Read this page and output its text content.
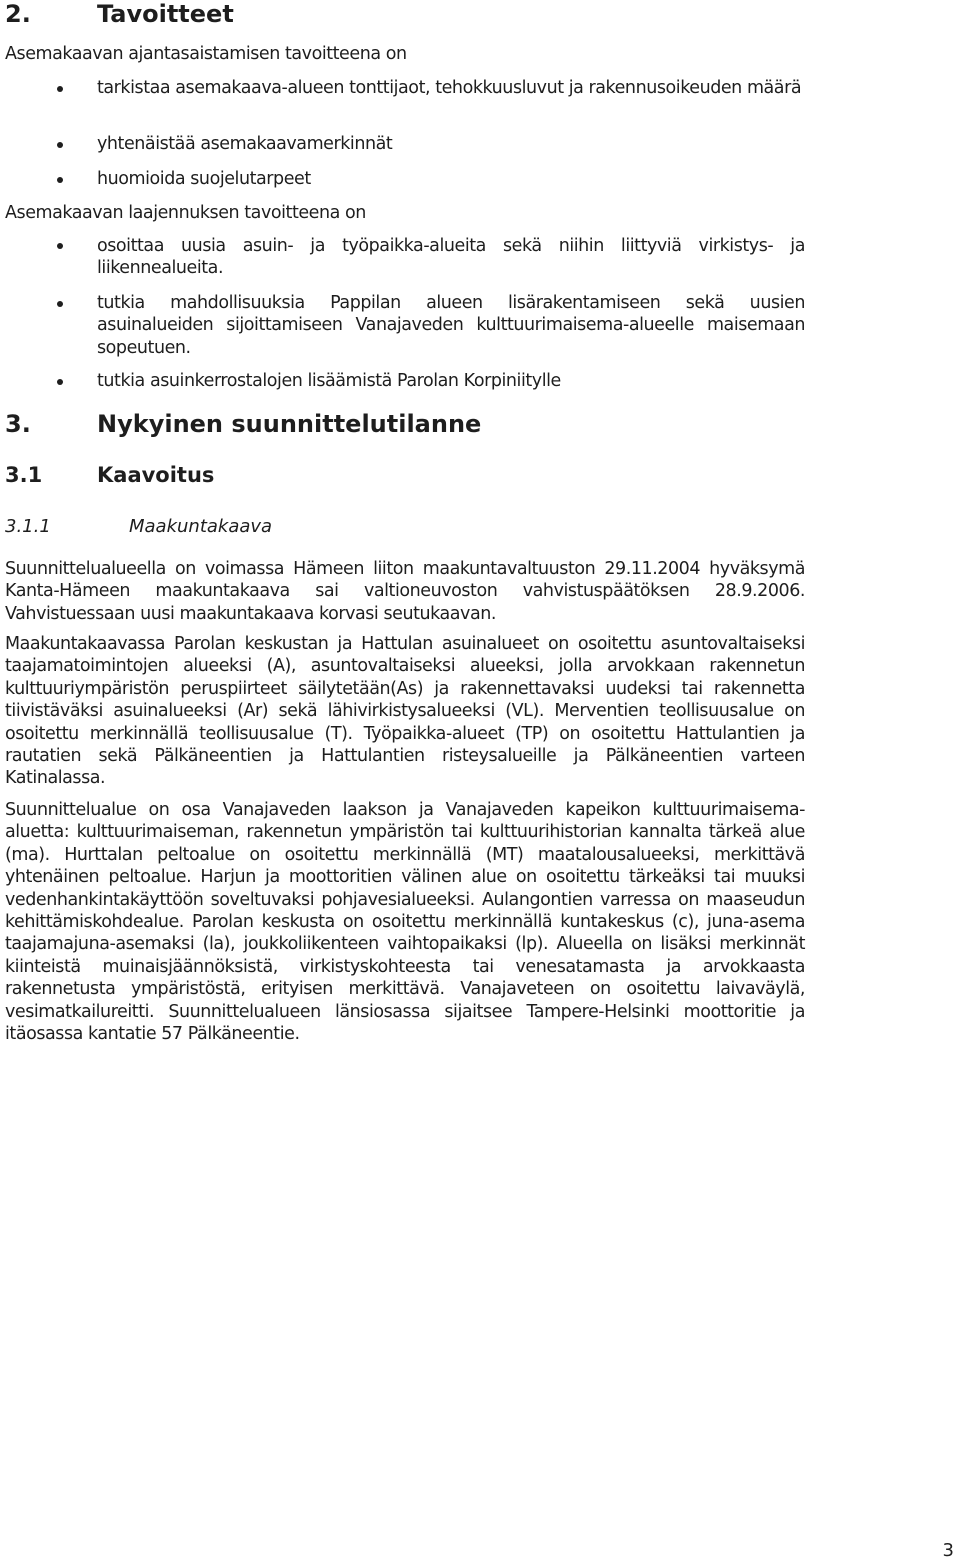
2.	Tavoitteet

Asemakaavan ajantasaistamisen tavoitteena on

tarkistaa asemakaava-alueen tonttijaot, tehokkuusluvut ja rakennusoikeuden määrä

yhtenäistää asemakaavamerkinnät

huomioida suojelutarpeet

Asemakaavan laajennuksen tavoitteena on

osoittaa uusia asuin- ja työpaikka-alueita sekä niihin liittyviä virkistys- ja liikennealueita.

tutkia mahdollisuuksia Pappilan alueen lisärakentamiseen sekä uusien asuinalueiden sijoittamiseen Vanajaveden kulttuurimaisema-alueelle maisemaan sopeutuen.

tutkia asuinkerrostalojen lisäämistä Parolan Korpiniitylle

3.	Nykyinen suunnittelutilanne
3.1	Kaavoitus
3.1.1	Maakuntakaava

Suunnittelualueella on voimassa Hämeen liiton maakuntavaltuuston 29.11.2004 hyväksymä Kanta-Hämeen maakuntakaava sai valtioneuvoston vahvistuspäätöksen 28.9.2006. Vahvistuessaan uusi maakuntakaava korvasi seutukaavan.

Maakuntakaavassa Parolan keskustan ja Hattulan asuinalueet on osoitettu asuntovaltaiseksi taajamatoimintojen alueeksi (A), asuntovaltaiseksi alueeksi, jolla arvokkaan rakennetun kulttuuriympäristön peruspiirteet säilytetään(As) ja rakennettavaksi uudeksi tai rakennetta tiivistäväksi asuinalueeksi (Ar) sekä lähivirkistysalueeksi (VL). Merventien teollisuusalue on osoitettu merkinnällä teollisuusalue (T). Työpaikka-alueet (TP) on osoitettu Hattulantien ja rautatien sekä Pälkäneentien ja Hattulantien risteysalueille ja Pälkäneentien varteen Katinalassa.

Suunnittelualue on osa Vanajaveden laakson ja Vanajaveden kapeikon kulttuurimaisema-aluetta: kulttuurimaiseman, rakennetun ympäristön tai kulttuurihistorian kannalta tärkeä alue (ma). Hurttalan peltoalue on osoitettu merkinnällä (MT) maatalousalueeksi, merkittävä yhtenäinen peltoalue. Harjun ja moottoritien välinen alue on osoitettu tärkeäksi tai muuksi vedenhankintakäyttöön soveltuvaksi pohjavesialueeksi. Aulangontien varressa on maaseudun kehittämiskohdealue. Parolan keskusta on osoitettu merkinnällä kuntakeskus (c), juna-asema taajamajuna-asemaksi (la), joukkoliikenteen vaihtopaikaksi (lp). Alueella on lisäksi merkinnät kiinteistä muinaisjäännöksistä, virkistyskohteesta tai venesatamasta ja arvokkaasta rakennetusta ympäristöstä, erityisen merkittävä. Vanajaveteen on osoitettu laivaväylä, vesimatkailureitti. Suunnittelualueen länsiosassa sijaitsee Tampere-Helsinki moottoritie ja itäosassa kantatie 57 Pälkäneentie.

3
